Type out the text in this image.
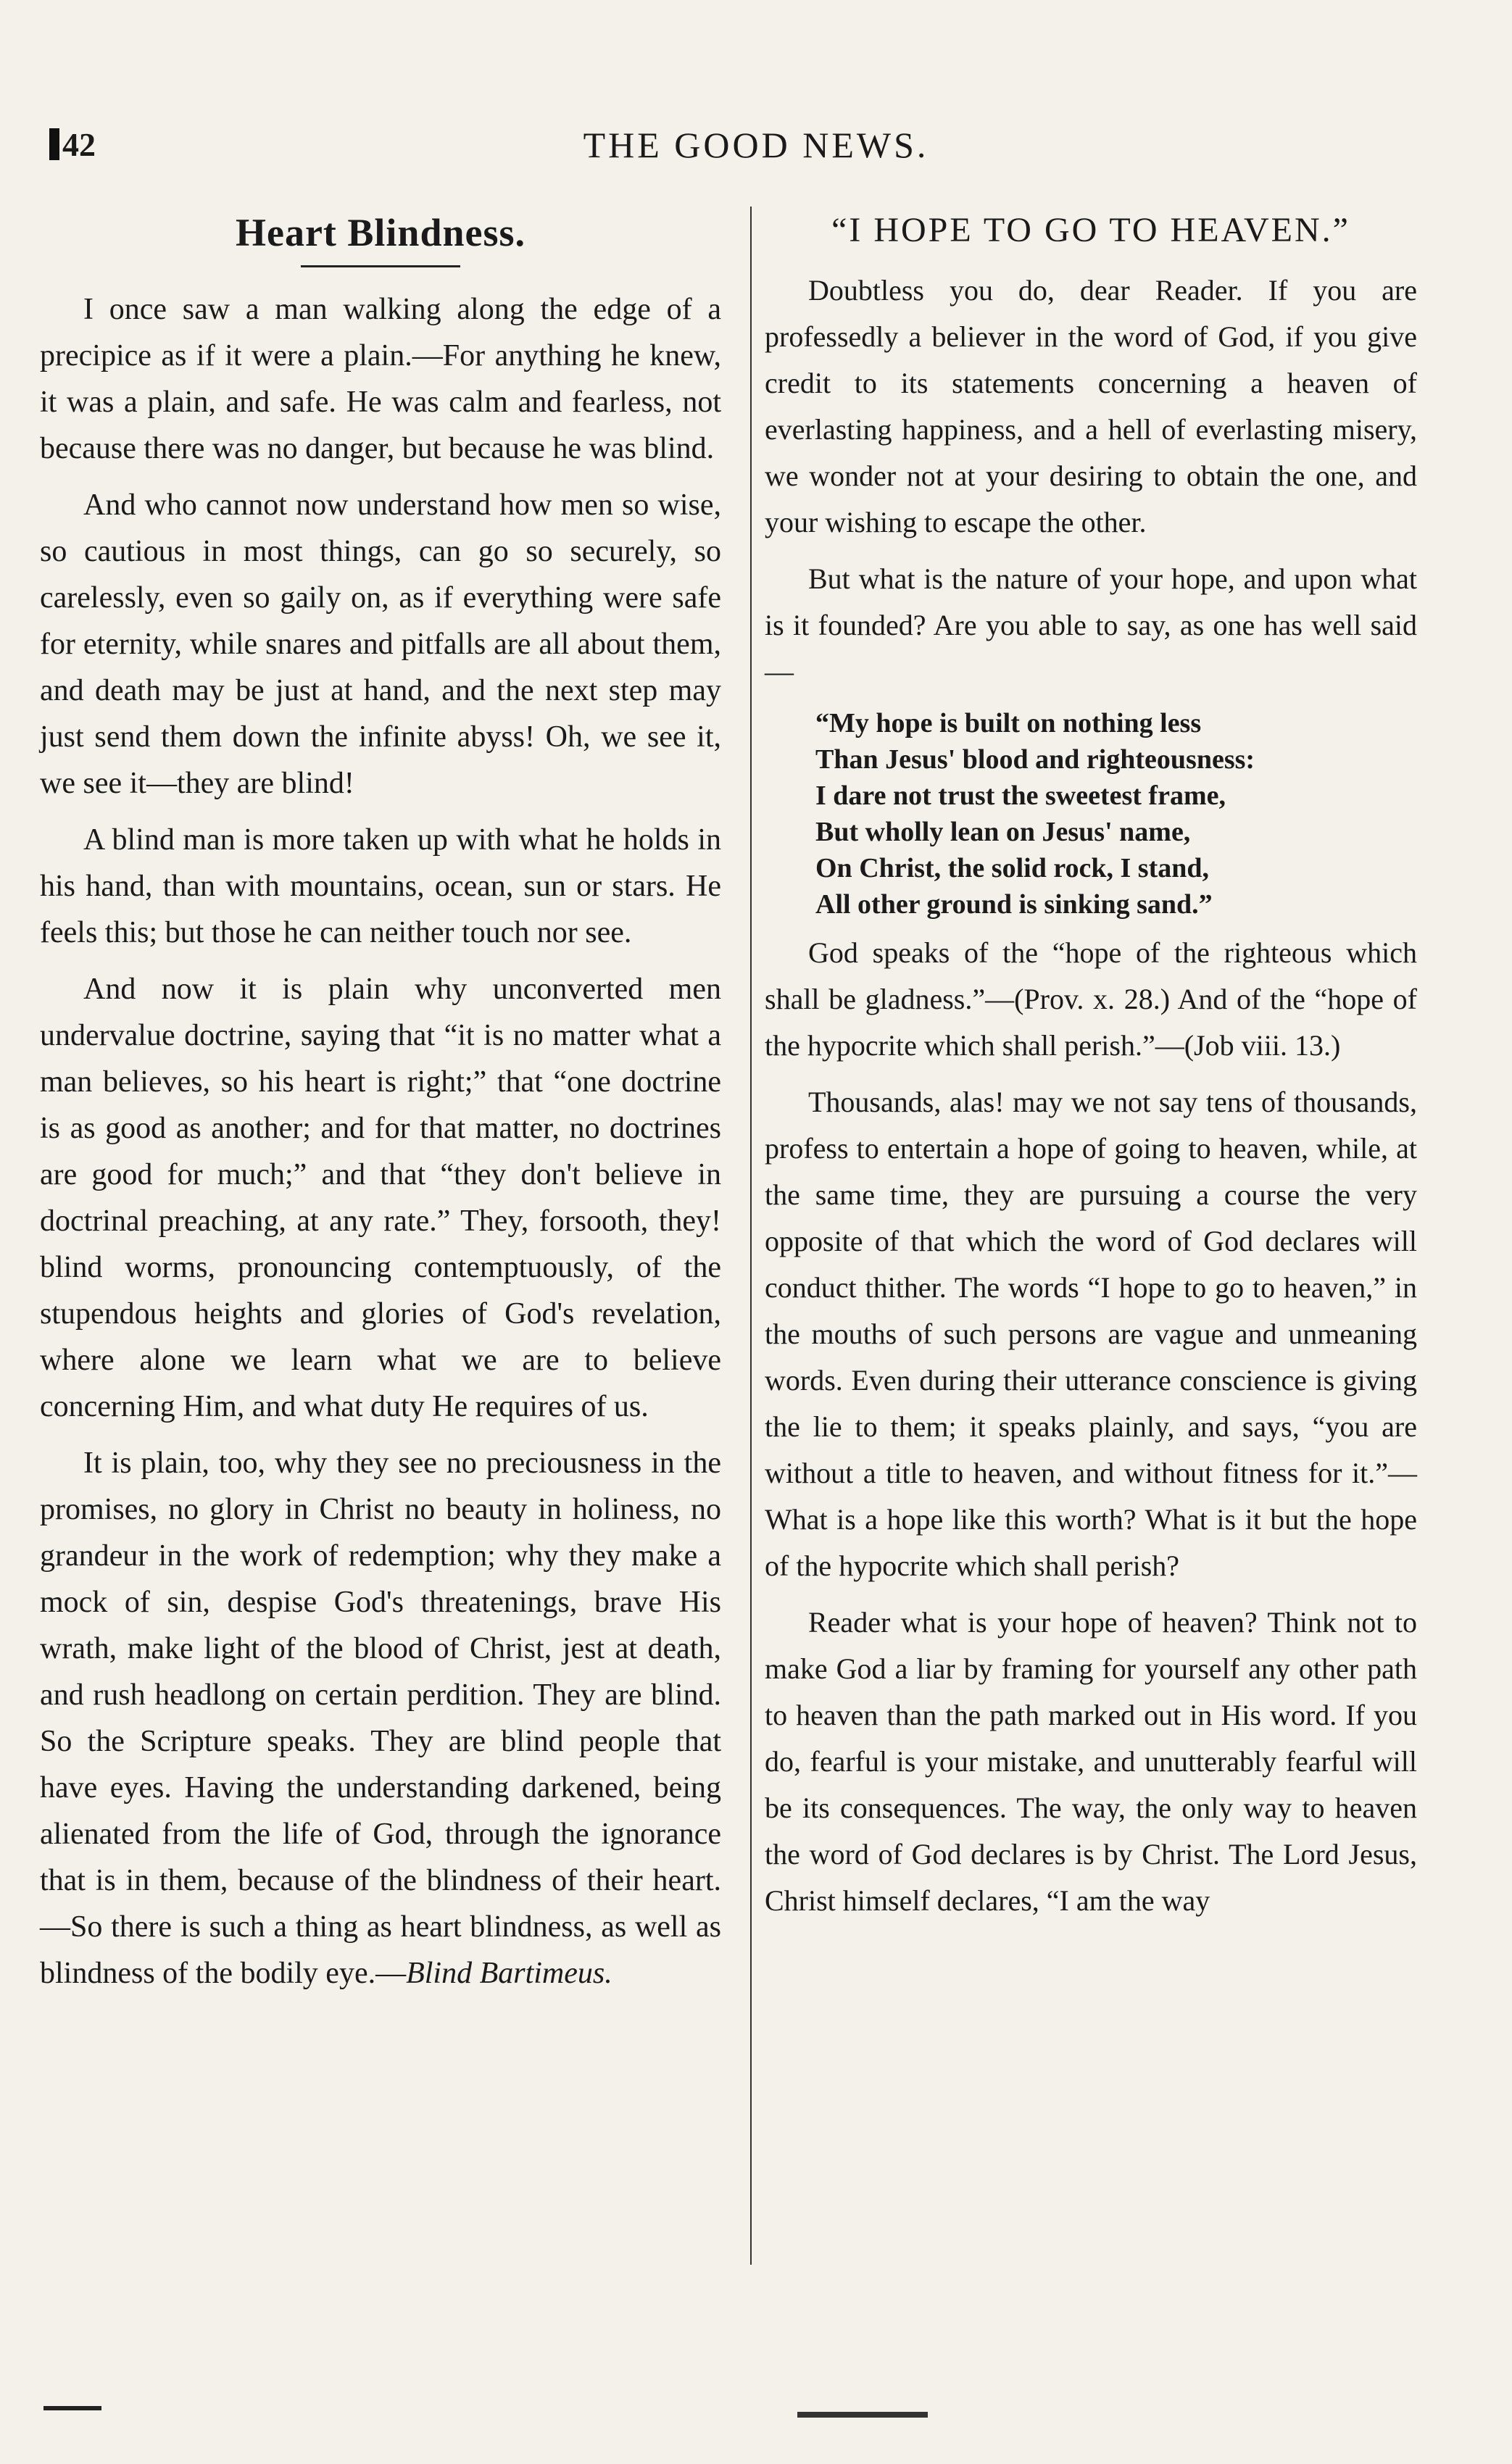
42	THE GOOD NEWS.
Heart Blindness.

I once saw a man walking along the edge of a precipice as if it were a plain.—For anything he knew, it was a plain, and safe. He was calm and fearless, not because there was no danger, but because he was blind.

And who cannot now understand how men so wise, so cautious in most things, can go so securely, so carelessly, even so gaily on, as if everything were safe for eternity, while snares and pitfalls are all about them, and death may be just at hand, and the next step may just send them down the infinite abyss! Oh, we see it, we see it—they are blind!

A blind man is more taken up with what he holds in his hand, than with mountains, ocean, sun or stars. He feels this; but those he can neither touch nor see.

And now it is plain why unconverted men undervalue doctrine, saying that “it is no matter what a man believes, so his heart is right;” that “one doctrine is as good as another; and for that matter, no doctrines are good for much;” and that “they don't believe in doctrinal preaching, at any rate.” They, forsooth, they! blind worms, pronouncing contemptuously, of the stupendous heights and glories of God's revelation, where alone we learn what we are to believe concerning Him, and what duty He requires of us.

It is plain, too, why they see no preciousness in the promises, no glory in Christ no beauty in holiness, no grandeur in the work of redemption; why they make a mock of sin, despise God's threatenings, brave His wrath, make light of the blood of Christ, jest at death, and rush headlong on certain perdition. They are blind. So the Scripture speaks. They are blind people that have eyes. Having the understanding darkened, being alienated from the life of God, through the ignorance that is in them, because of the blindness of their heart.—So there is such a thing as heart blindness, as well as blindness of the bodily eye.—Blind Bartimeus.

“I HOPE TO GO TO HEAVEN.”

Doubtless you do, dear Reader. If you are professedly a believer in the word of God, if you give credit to its statements concerning a heaven of everlasting happiness, and a hell of everlasting misery, we wonder not at your desiring to obtain the one, and your wishing to escape the other.

But what is the nature of your hope, and upon what is it founded? Are you able to say, as one has well said—

“My hope is built on nothing less
Than Jesus' blood and righteousness:
I dare not trust the sweetest frame,
But wholly lean on Jesus' name,
On Christ, the solid rock, I stand,
All other ground is sinking sand.”

God speaks of the “hope of the righteous which shall be gladness.”—(Prov. x. 28.) And of the “hope of the hypocrite which shall perish.”—(Job viii. 13.)

Thousands, alas! may we not say tens of thousands, profess to entertain a hope of going to heaven, while, at the same time, they are pursuing a course the very opposite of that which the word of God declares will conduct thither. The words “I hope to go to heaven,” in the mouths of such persons are vague and unmeaning words. Even during their utterance conscience is giving the lie to them; it speaks plainly, and says, “you are without a title to heaven, and without fitness for it.”—What is a hope like this worth? What is it but the hope of the hypocrite which shall perish?

Reader what is your hope of heaven? Think not to make God a liar by framing for yourself any other path to heaven than the path marked out in His word. If you do, fearful is your mistake, and unutterably fearful will be its consequences. The way, the only way to heaven the word of God declares is by Christ. The Lord Jesus, Christ himself declares, “I am the way
